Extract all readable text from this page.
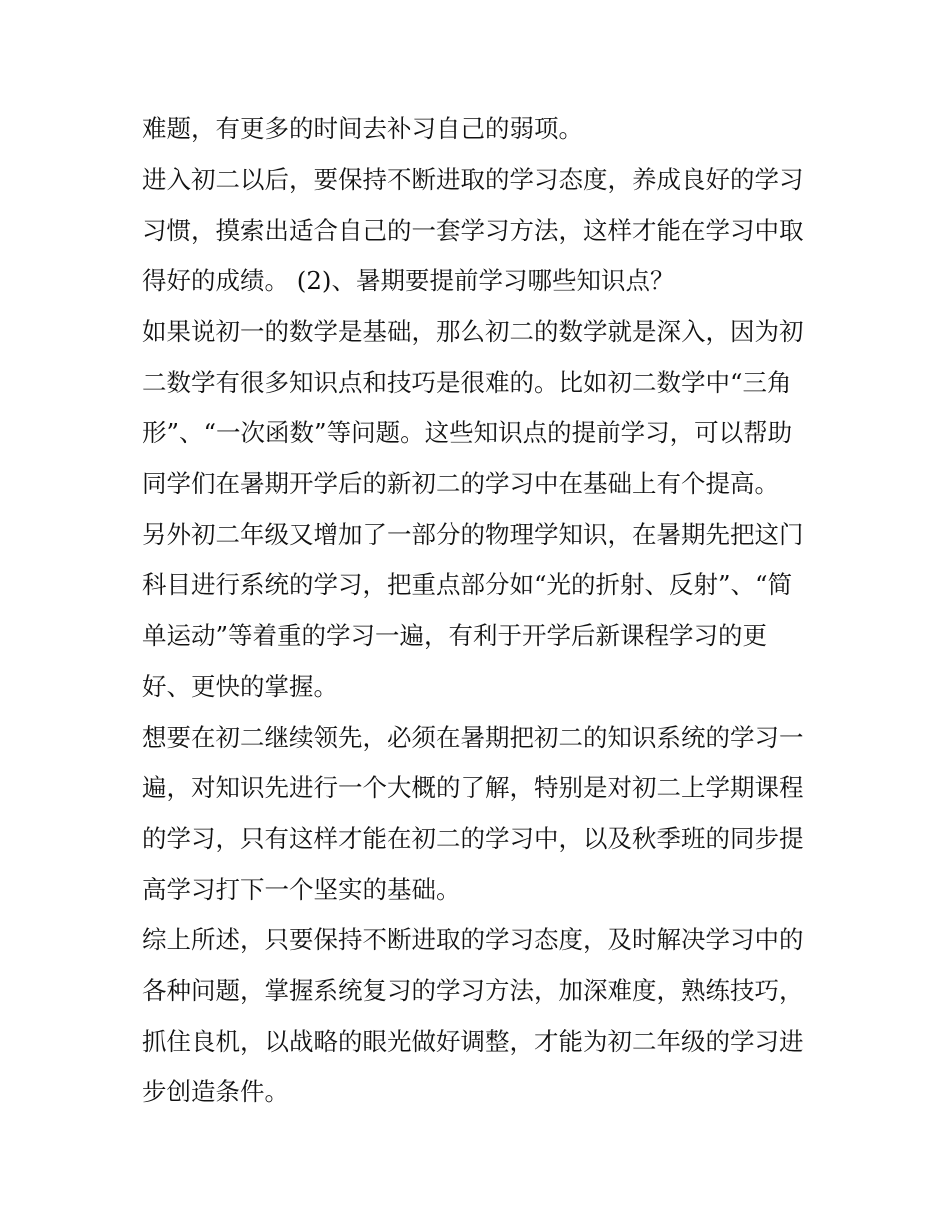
难题，有更多的时间去补习自己的弱项。
进入初二以后，要保持不断进取的学习态度，养成良好的学习
习惯，摸索出适合自己的一套学习方法，这样才能在学习中取
得好的成绩。 (2)、暑期要提前学习哪些知识点？
如果说初一的数学是基础，那么初二的数学就是深入，因为初
二数学有很多知识点和技巧是很难的。比如初二数学中“三角
形”、“一次函数”等问题。这些知识点的提前学习，可以帮助
同学们在暑期开学后的新初二的学习中在基础上有个提高。
另外初二年级又增加了一部分的物理学知识，在暑期先把这门
科目进行系统的学习，把重点部分如“光的折射、反射”、“简
单运动”等着重的学习一遍，有利于开学后新课程学习的更
好、更快的掌握。
想要在初二继续领先，必须在暑期把初二的知识系统的学习一
遍，对知识先进行一个大概的了解，特别是对初二上学期课程
的学习，只有这样才能在初二的学习中，以及秋季班的同步提
高学习打下一个坚实的基础。
综上所述，只要保持不断进取的学习态度，及时解决学习中的
各种问题，掌握系统复习的学习方法，加深难度，熟练技巧，
抓住良机，以战略的眼光做好调整，才能为初二年级的学习进
步创造条件。
